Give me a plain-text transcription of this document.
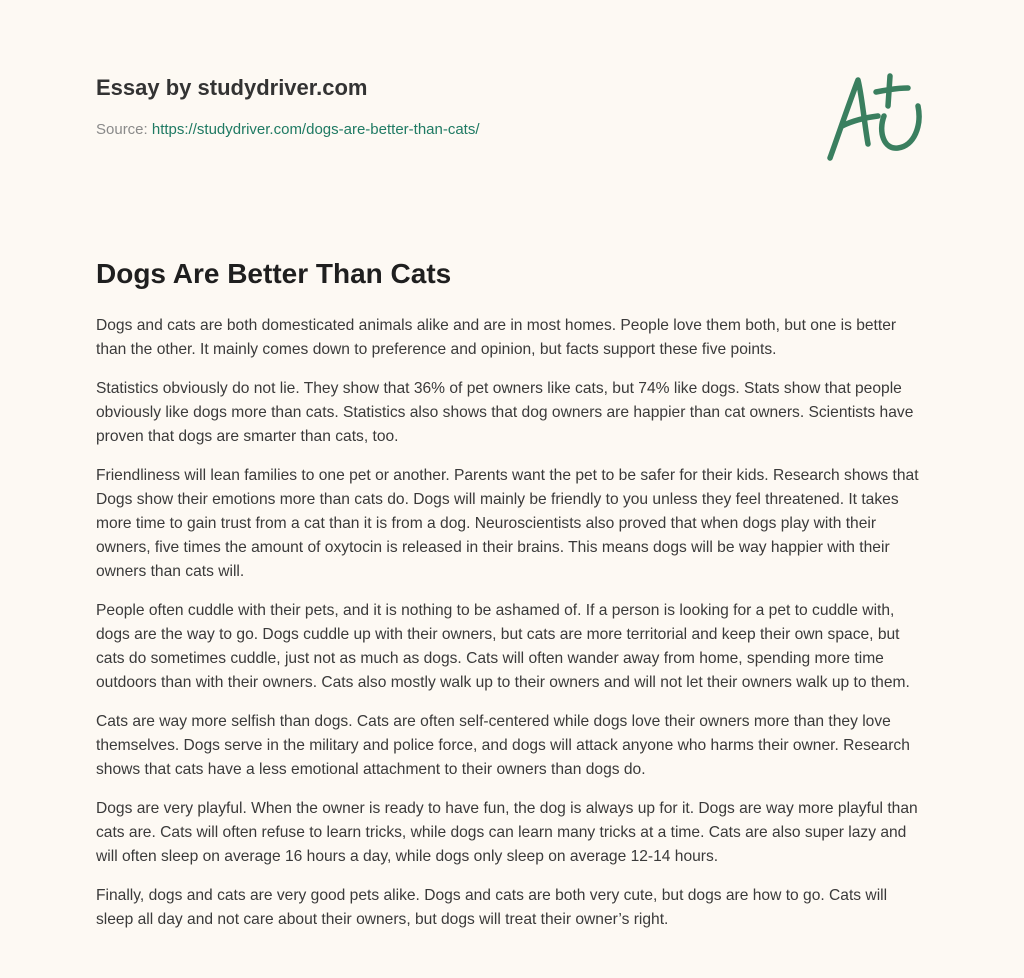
Essay by studydriver.com
Source: https://studydriver.com/dogs-are-better-than-cats/
Dogs Are Better Than Cats

Dogs and cats are both domesticated animals alike and are in most homes. People love them both, but one is better than the other. It mainly comes down to preference and opinion, but facts support these five points.

Statistics obviously do not lie. They show that 36% of pet owners like cats, but 74% like dogs. Stats show that people obviously like dogs more than cats. Statistics also shows that dog owners are happier than cat owners. Scientists have proven that dogs are smarter than cats, too.

Friendliness will lean families to one pet or another. Parents want the pet to be safer for their kids. Research shows that Dogs show their emotions more than cats do. Dogs will mainly be friendly to you unless they feel threatened. It takes more time to gain trust from a cat than it is from a dog. Neuroscientists also proved that when dogs play with their owners, five times the amount of oxytocin is released in their brains. This means dogs will be way happier with their owners than cats will.

People often cuddle with their pets, and it is nothing to be ashamed of. If a person is looking for a pet to cuddle with, dogs are the way to go. Dogs cuddle up with their owners, but cats are more territorial and keep their own space, but cats do sometimes cuddle, just not as much as dogs. Cats will often wander away from home, spending more time outdoors than with their owners. Cats also mostly walk up to their owners and will not let their owners walk up to them.

Cats are way more selfish than dogs. Cats are often self-centered while dogs love their owners more than they love themselves. Dogs serve in the military and police force, and dogs will attack anyone who harms their owner. Research shows that cats have a less emotional attachment to their owners than dogs do.

Dogs are very playful. When the owner is ready to have fun, the dog is always up for it. Dogs are way more playful than cats are. Cats will often refuse to learn tricks, while dogs can learn many tricks at a time. Cats are also super lazy and will often sleep on average 16 hours a day, while dogs only sleep on average 12-14 hours.

Finally, dogs and cats are very good pets alike. Dogs and cats are both very cute, but dogs are how to go. Cats will sleep all day and not care about their owners, but dogs will treat their owner’s right.
